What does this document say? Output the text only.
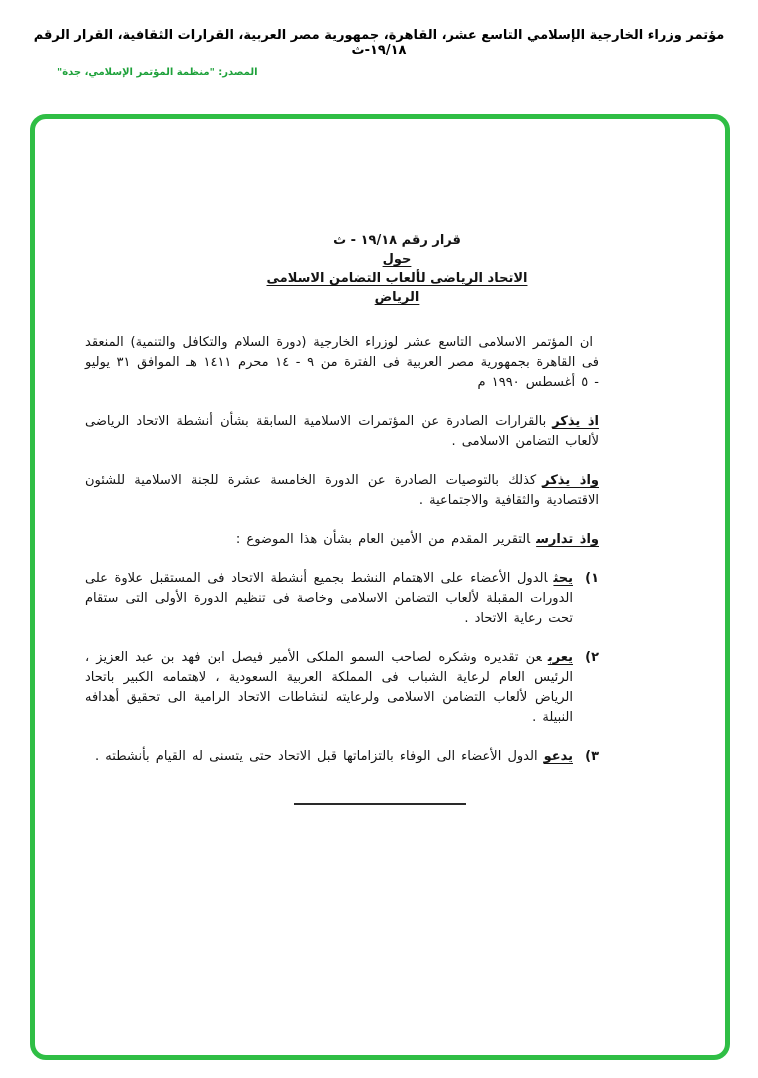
مؤتمر وزراء الخارجية الإسلامي التاسع عشر، القاهرة، جمهورية مصر العربية، القرارات الثقافية، القرار الرقم ١٩/١٨-ث
المصدر: "منظمة المؤتمر الإسلامي، جدة"
قرار رقم ١٩/١٨ - ث
حول
الاتحاد الرياضى لألعاب التضامن الاسلامى
الرياض

ان المؤتمر الاسلامى التاسع عشر لوزراء الخارجية (دورة السلام والتكافل والتنمية) المنعقد فى القاهرة بجمهورية مصر العربية فى الفترة من ٩ - ١٤ محرم ١٤١١ هـ الموافق ٣١ يوليو - ٥ أغسطس ١٩٩٠ م

اذ يذكربالقرارات الصادرة عن المؤتمرات الاسلامية السابقة بشأن أنشطة الاتحاد الرياضى لألعاب التضامن الاسلامى .

واذ يذكركذلك بالتوصيات الصادرة عن الدورة الخامسة عشرة للجنة الاسلامية للشئون الاقتصادية والثقافية والاجتماعية .

واذ تدارسالتقرير المقدم من الأمين العام بشأن هذا الموضوع :

١)

يحثالدول الأعضاء على الاهتمام النشط بجميع أنشطة الاتحاد فى المستقبل علاوة على الدورات المقبلة لألعاب التضامن الاسلامى وخاصة فى تنظيم الدورة الأولى التى ستقام تحت رعاية الاتحاد .

٢)

يعربعن تقديره وشكره لصاحب السمو الملكى الأمير فيصل ابن فهد بن عبد العزيز ، الرئيس العام لرعاية الشباب فى المملكة العربية السعودية ، لاهتمامه الكبير باتحاد الرياض لألعاب التضامن الاسلامى ولرعايته لنشاطات الاتحاد الرامية الى تحقيق أهدافه النبيلة .

٣)

يدعوالدول الأعضاء الى الوفاء بالتزاماتها قبل الاتحاد حتى يتسنى له القيام بأنشطته .
